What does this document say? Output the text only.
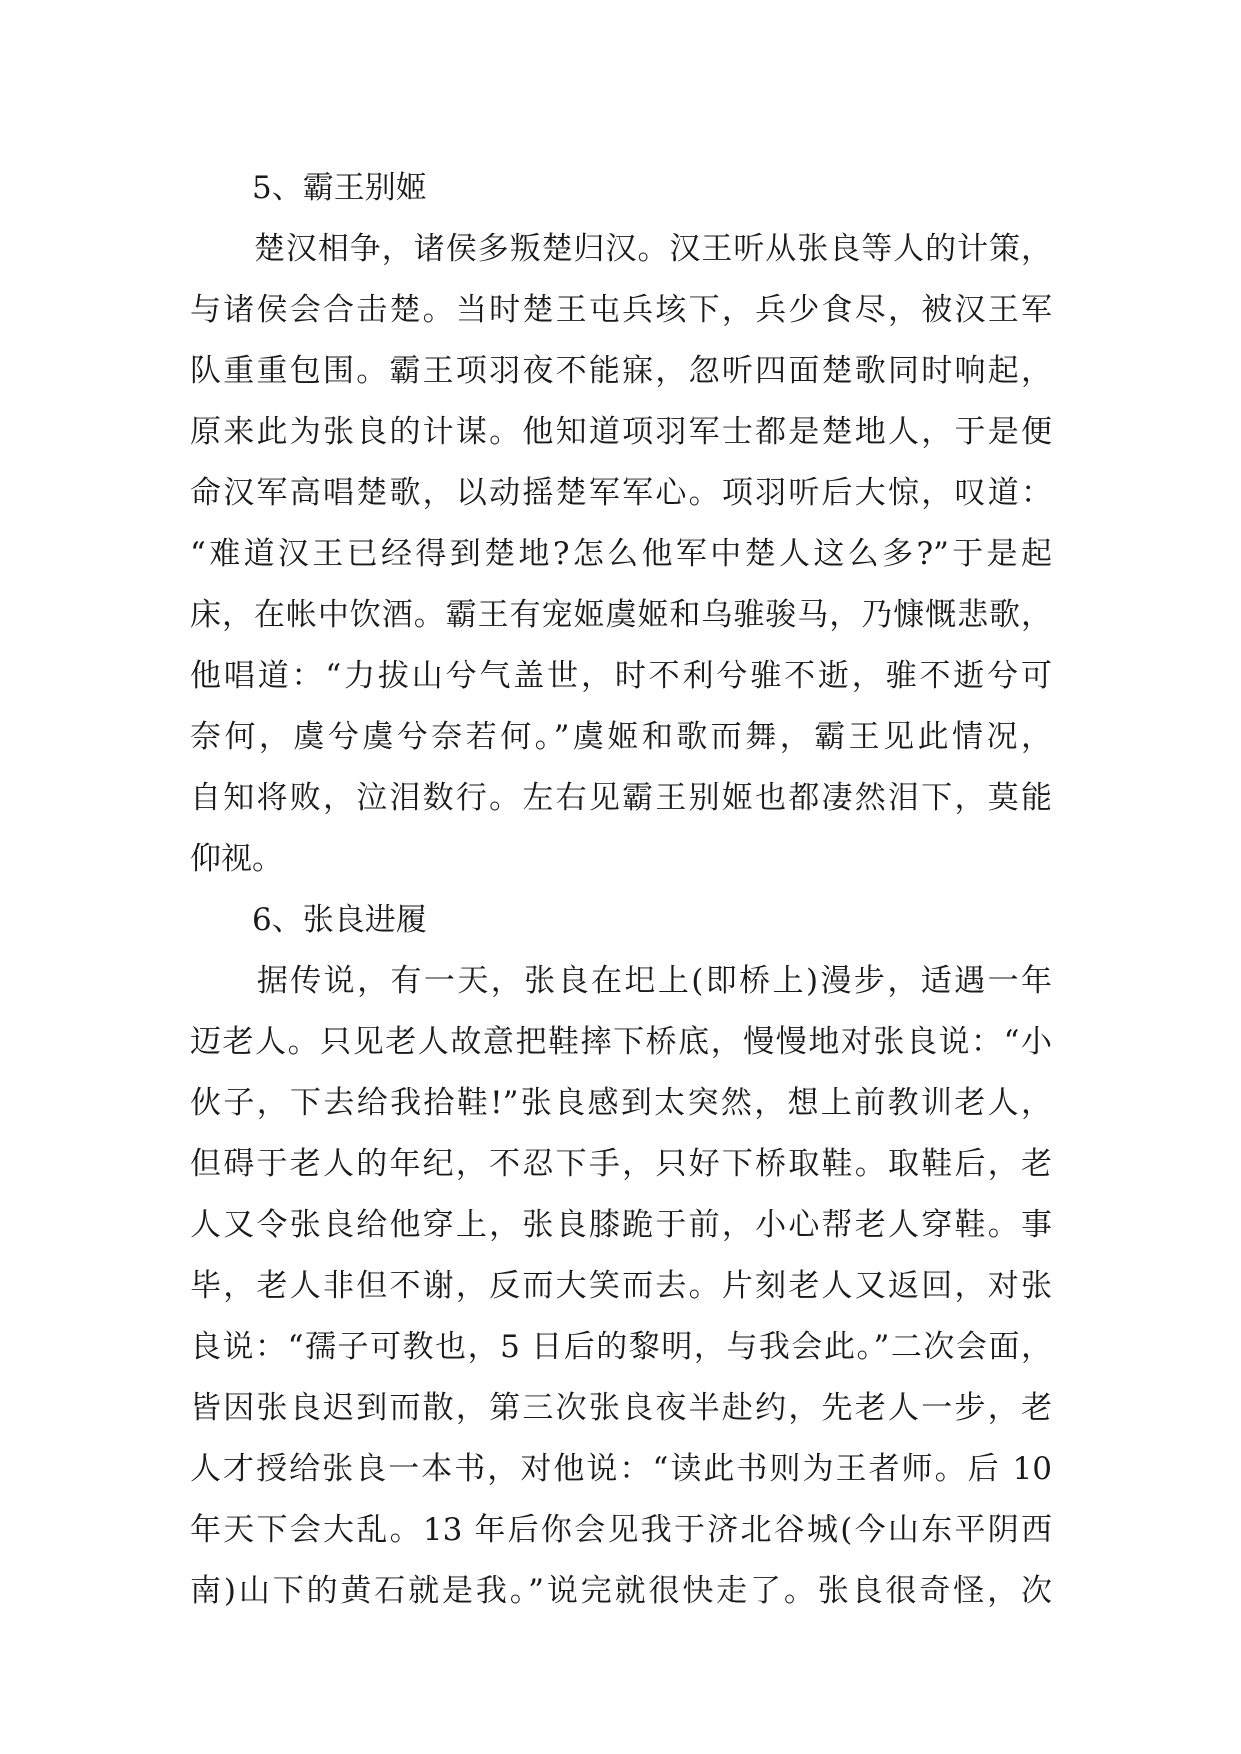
5、霸王别姬
　　楚汉相争，诸侯多叛楚归汉。汉王听从张良等人的计策，
与诸侯会合击楚。当时楚王屯兵垓下，兵少食尽，被汉王军
队重重包围。霸王项羽夜不能寐，忽听四面楚歌同时响起，
原来此为张良的计谋。他知道项羽军士都是楚地人，于是便
命汉军高唱楚歌，以动摇楚军军心。项羽听后大惊，叹道：
“难道汉王已经得到楚地?怎么他军中楚人这么多?”于是起
床，在帐中饮酒。霸王有宠姬虞姬和乌骓骏马，乃慷慨悲歌，
他唱道：“力拔山兮气盖世，时不利兮骓不逝，骓不逝兮可
奈何，虞兮虞兮奈若何。”虞姬和歌而舞，霸王见此情况，
自知将败，泣泪数行。左右见霸王别姬也都凄然泪下，莫能
仰视。
6、张良进履
　　据传说，有一天，张良在圯上(即桥上)漫步，适遇一年
迈老人。只见老人故意把鞋摔下桥底，慢慢地对张良说：“小
伙子，下去给我拾鞋!”张良感到太突然，想上前教训老人，
但碍于老人的年纪，不忍下手，只好下桥取鞋。取鞋后，老
人又令张良给他穿上，张良膝跪于前，小心帮老人穿鞋。事
毕，老人非但不谢，反而大笑而去。片刻老人又返回，对张
良说：“孺子可教也，5 日后的黎明，与我会此。”二次会面，
皆因张良迟到而散，第三次张良夜半赴约，先老人一步，老
人才授给张良一本书，对他说：“读此书则为王者师。后 10
年天下会大乱。13 年后你会见我于济北谷城(今山东平阴西
南)山下的黄石就是我。”说完就很快走了。张良很奇怪，次
